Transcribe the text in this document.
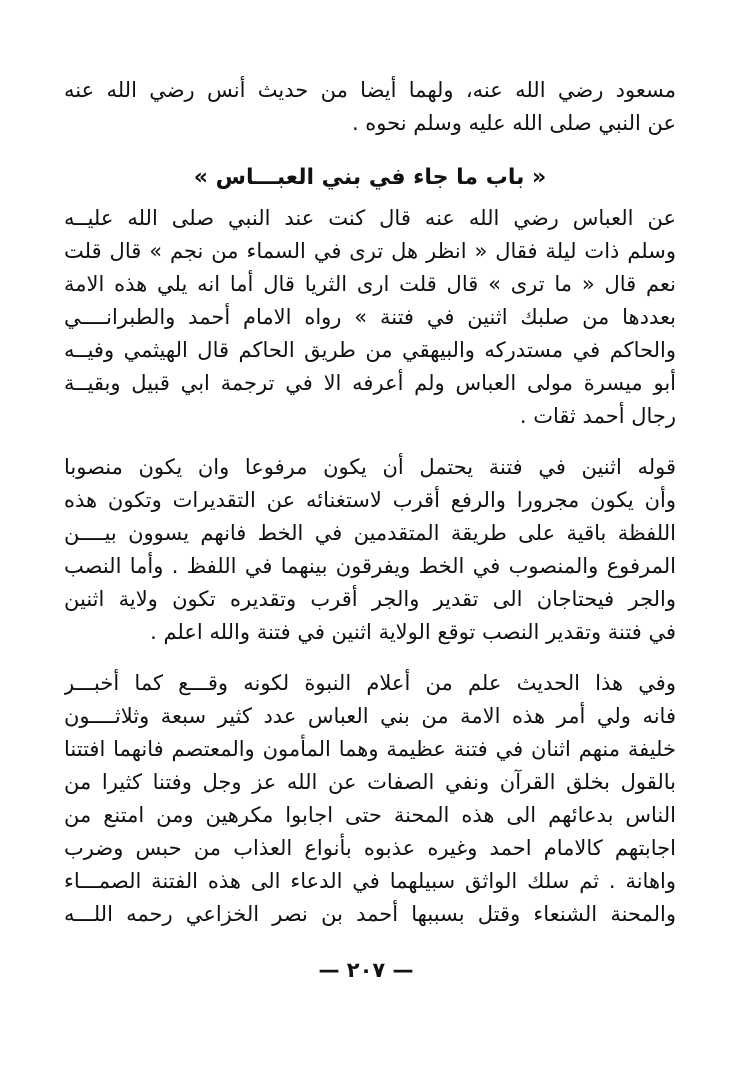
مسعود رضي الله عنه، ولهما أيضا من حديث أنس رضي الله عنه
عن النبي صلى الله عليه وسلم نحوه .
« باب ما جاء في بني العبـــاس »
عن العباس رضي الله عنه قال كنت عند النبي صلى الله عليــه
وسلم ذات ليلة فقال « انظر هل ترى في السماء من نجم » قال قلت
نعم قال « ما ترى » قال قلت ارى الثريا قال أما انه يلي هذه الامة
بعددها من صلبك اثنين في فتنة » رواه الامام أحمد والطبرانــــي
والحاكم في مستدركه والبيهقي من طريق الحاكم قال الهيثمي وفيــه
أبو ميسرة مولى العباس ولم أعرفه الا في ترجمة ابي قبيل وبقيــة
رجال أحمد ثقات .
قوله اثنين في فتنة يحتمل أن يكون مرفوعا وان يكون منصوبا
وأن يكون مجرورا والرفع أقرب لاستغنائه عن التقديرات وتكون هذه
اللفظة باقية على طريقة المتقدمين في الخط فانهم يسوون بيــــن
المرفوع والمنصوب في الخط ويفرقون بينهما في اللفظ . وأما النصب
والجر فيحتاجان الى تقدير والجر أقرب وتقديره تكون ولاية اثنين
في فتنة وتقدير النصب توقع الولاية اثنين في فتنة والله اعلم .
وفي هذا الحديث علم من أعلام النبوة لكونه وقـــع كما أخبـــر
فانه ولي أمر هذه الامة من بني العباس عدد كثير سبعة وثلاثــــون
خليفة منهم اثنان في فتنة عظيمة وهما المأمون والمعتصم فانهما افتتنا
بالقول بخلق القرآن ونفي الصفات عن الله عز وجل وفتنا كثيرا من
الناس بدعائهم الى هذه المحنة حتى اجابوا مكرهين ومن امتنع من
اجابتهم كالامام احمد وغيره عذبوه بأنواع العذاب من حبس وضرب
واهانة . ثم سلك الواثق سبيلهما في الدعاء الى هذه الفتنة الصمـــاء
والمحنة الشنعاء وقتل بسببها أحمد بن نصر الخزاعي رحمه اللـــه
— ٢٠٧ —
